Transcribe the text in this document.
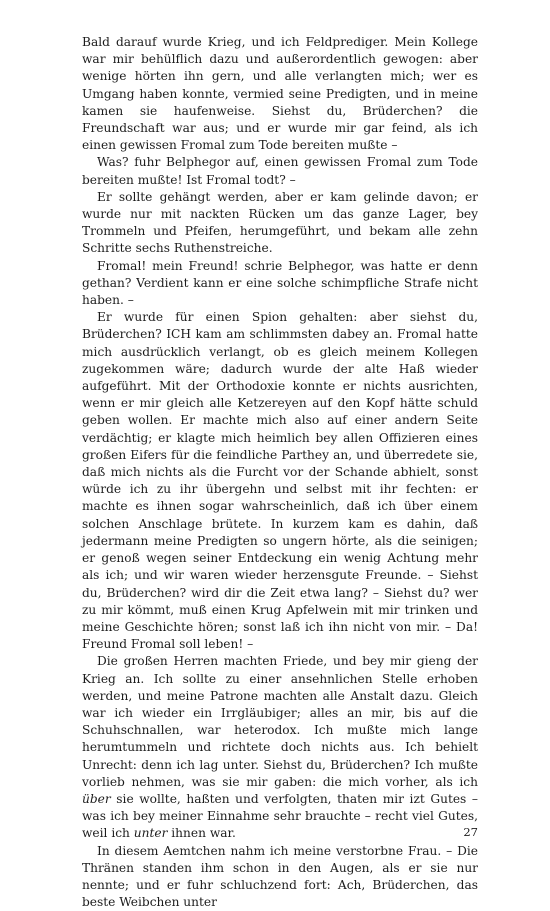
Bald darauf wurde Krieg, und ich Feldprediger. Mein Kollege war mir behülflich dazu und außerordentlich gewogen: aber wenige hörten ihn gern, und alle verlangten mich; wer es Umgang haben konnte, vermied seine Predigten, und in meine kamen sie haufenweise. Siehst du, Brüderchen? die Freundschaft war aus; und er wurde mir gar feind, als ich einen gewissen Fromal zum Tode bereiten mußte –

Was? fuhr Belphegor auf, einen gewissen Fromal zum Tode bereiten mußte! Ist Fromal todt? –

Er sollte gehängt werden, aber er kam gelinde davon; er wurde nur mit nackten Rücken um das ganze Lager, bey Trommeln und Pfeifen, herumgeführt, und bekam alle zehn Schritte sechs Ruthenstreiche.

Fromal! mein Freund! schrie Belphegor, was hatte er denn gethan? Verdient kann er eine solche schimpfliche Strafe nicht haben. –

Er wurde für einen Spion gehalten: aber siehst du, Brüderchen? ICH kam am schlimmsten dabey an. Fromal hatte mich ausdrücklich verlangt, ob es gleich meinem Kollegen zugekommen wäre; dadurch wurde der alte Haß wieder aufgeführt. Mit der Orthodoxie konnte er nichts ausrichten, wenn er mir gleich alle Ketzereyen auf den Kopf hätte schuld geben wollen. Er machte mich also auf einer andern Seite verdächtig; er klagte mich heimlich bey allen Offizieren eines großen Eifers für die feindliche Parthey an, und überredete sie, daß mich nichts als die Furcht vor der Schande abhielt, sonst würde ich zu ihr übergehn und selbst mit ihr fechten: er machte es ihnen sogar wahrscheinlich, daß ich über einem solchen Anschlage brütete. In kurzem kam es dahin, daß jedermann meine Predigten so ungern hörte, als die seinigen; er genoß wegen seiner Entdeckung ein wenig Achtung mehr als ich; und wir waren wieder herzensgute Freunde. – Siehst du, Brüderchen? wird dir die Zeit etwa lang? – Siehst du? wer zu mir kömmt, muß einen Krug Apfelwein mit mir trinken und meine Geschichte hören; sonst laß ich ihn nicht von mir. – Da! Freund Fromal soll leben! –

Die großen Herren machten Friede, und bey mir gieng der Krieg an. Ich sollte zu einer ansehnlichen Stelle erhoben werden, und meine Patrone machten alle Anstalt dazu. Gleich war ich wieder ein Irrgläubiger; alles an mir, bis auf die Schuhschnallen, war heterodox. Ich mußte mich lange herumtummeln und richtete doch nichts aus. Ich behielt Unrecht: denn ich lag unter. Siehst du, Brüderchen? Ich mußte vorlieb nehmen, was sie mir gaben: die mich vorher, als ich über sie wollte, haßten und verfolgten, thaten mir izt Gutes – was ich bey meiner Einnahme sehr brauchte – recht viel Gutes, weil ich unter ihnen war.

In diesem Aemtchen nahm ich meine verstorbne Frau. – Die Thränen standen ihm schon in den Augen, als er sie nur nennte; und er fuhr schluchzend fort: Ach, Brüderchen, das beste Weibchen unter

27
